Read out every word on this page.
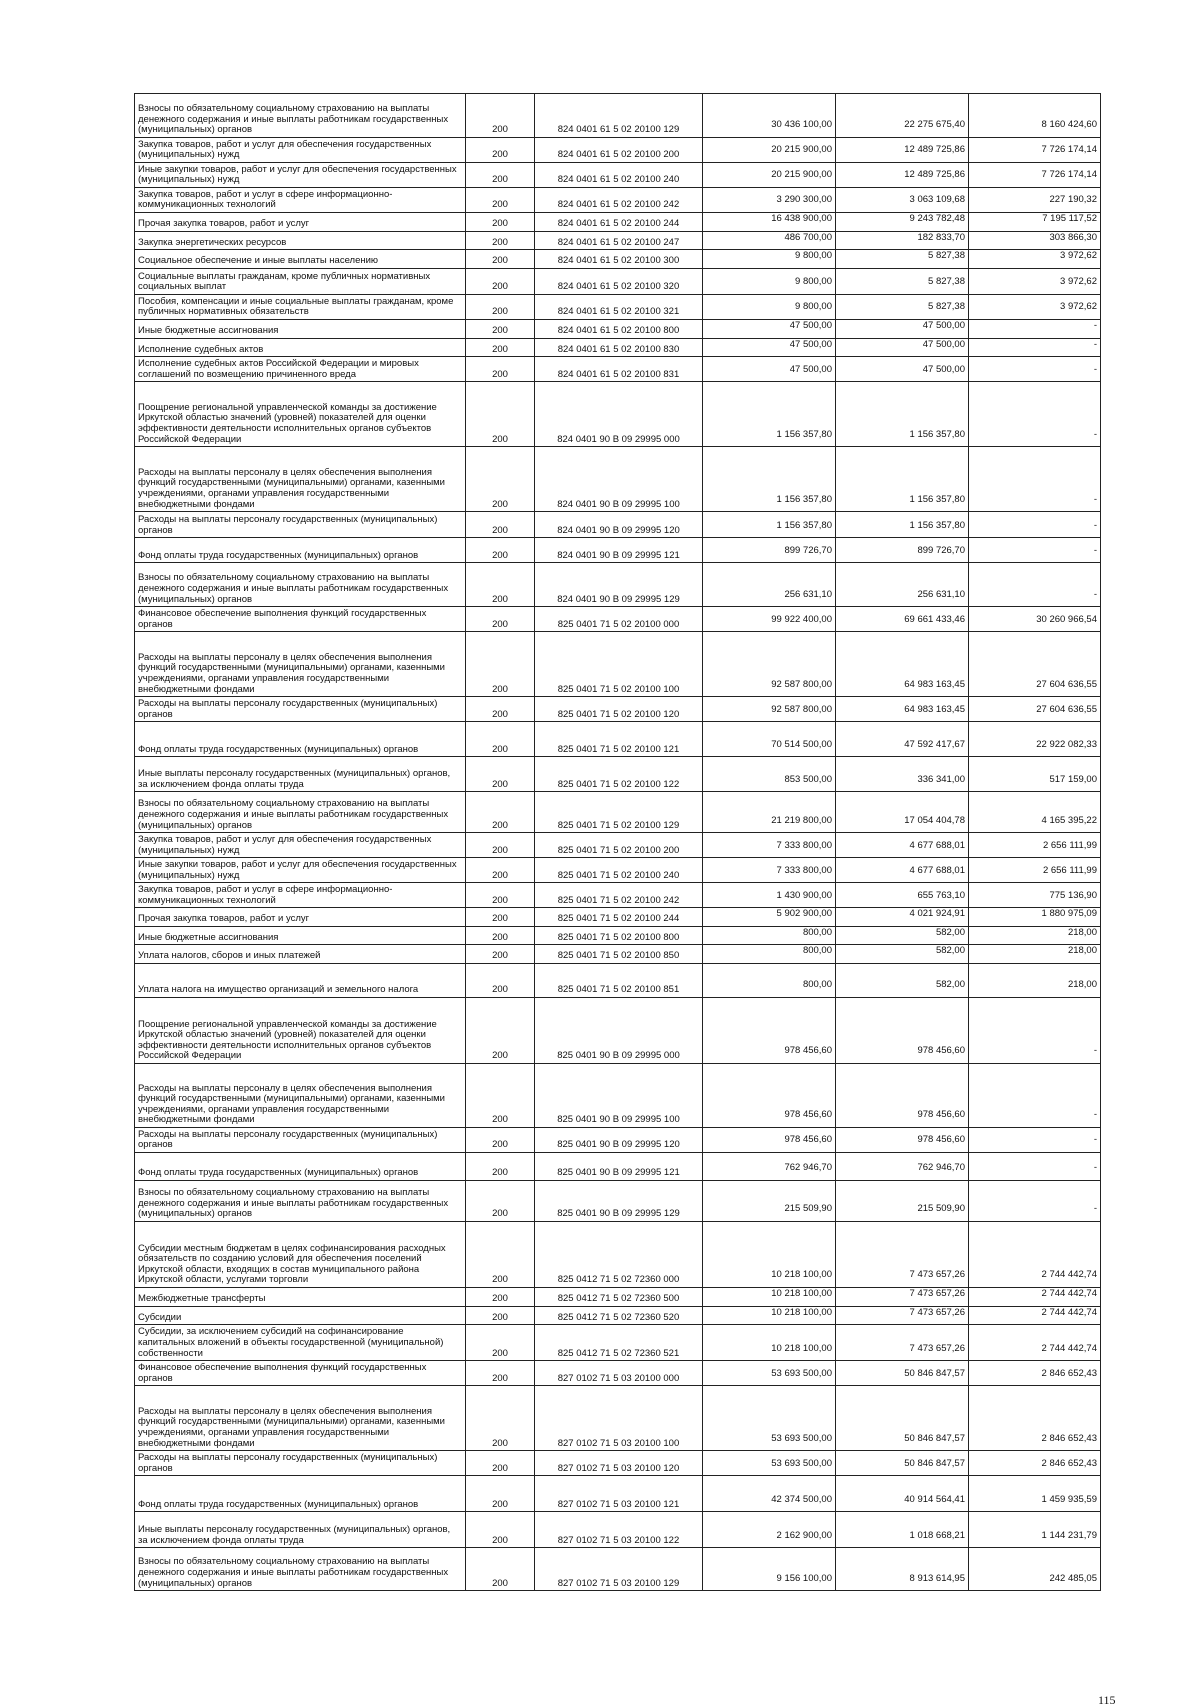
Взносы по обязательному социальному страхованию на выплаты денежного содержания и иные выплаты работникам государственных (муниципальных) органов	200	824 0401 61 5 02 20100 129	30 436 100,00	22 275 675,40	8 160 424,60
Закупка товаров, работ и услуг для обеспечения государственных (муниципальных) нужд	200	824 0401 61 5 02 20100 200	20 215 900,00	12 489 725,86	7 726 174,14
Иные закупки товаров, работ и услуг для обеспечения государственных (муниципальных) нужд	200	824 0401 61 5 02 20100 240	20 215 900,00	12 489 725,86	7 726 174,14
Закупка товаров, работ и услуг в сфере информационно-коммуникационных технологий	200	824 0401 61 5 02 20100 242	3 290 300,00	3 063 109,68	227 190,32
Прочая закупка товаров, работ и услуг	200	824 0401 61 5 02 20100 244	16 438 900,00	9 243 782,48	7 195 117,52
Закупка энергетических ресурсов	200	824 0401 61 5 02 20100 247	486 700,00	182 833,70	303 866,30
Социальное обеспечение и иные выплаты населению	200	824 0401 61 5 02 20100 300	9 800,00	5 827,38	3 972,62
Социальные выплаты гражданам, кроме публичных нормативных социальных выплат	200	824 0401 61 5 02 20100 320	9 800,00	5 827,38	3 972,62
Пособия, компенсации и иные социальные выплаты гражданам, кроме публичных нормативных обязательств	200	824 0401 61 5 02 20100 321	9 800,00	5 827,38	3 972,62
Иные бюджетные ассигнования	200	824 0401 61 5 02 20100 800	47 500,00	47 500,00	-
Исполнение судебных актов	200	824 0401 61 5 02 20100 830	47 500,00	47 500,00	-
Исполнение судебных актов Российской Федерации и мировых соглашений по возмещению причиненного вреда	200	824 0401 61 5 02 20100 831	47 500,00	47 500,00	-
Поощрение региональной управленческой команды за достижение Иркутской областью значений (уровней) показателей для оценки эффективности деятельности исполнительных органов субъектов Российской Федерации	200	824 0401 90 В 09 29995 000	1 156 357,80	1 156 357,80	-
Расходы на выплаты персоналу в целях обеспечения выполнения функций государственными (муниципальными) органами, казенными учреждениями, органами управления государственными внебюджетными фондами	200	824 0401 90 В 09 29995 100	1 156 357,80	1 156 357,80	-
Расходы на выплаты персоналу государственных (муниципальных) органов	200	824 0401 90 В 09 29995 120	1 156 357,80	1 156 357,80	-
Фонд оплаты труда государственных (муниципальных) органов	200	824 0401 90 В 09 29995 121	899 726,70	899 726,70	-
Взносы по обязательному социальному страхованию на выплаты денежного содержания и иные выплаты работникам государственных (муниципальных) органов	200	824 0401 90 В 09 29995 129	256 631,10	256 631,10	-
Финансовое обеспечение выполнения функций государственных органов	200	825 0401 71 5 02 20100 000	99 922 400,00	69 661 433,46	30 260 966,54
Расходы на выплаты персоналу в целях обеспечения выполнения функций государственными (муниципальными) органами, казенными учреждениями, органами управления государственными внебюджетными фондами	200	825 0401 71 5 02 20100 100	92 587 800,00	64 983 163,45	27 604 636,55
Расходы на выплаты персоналу государственных (муниципальных) органов	200	825 0401 71 5 02 20100 120	92 587 800,00	64 983 163,45	27 604 636,55
Фонд оплаты труда государственных (муниципальных) органов	200	825 0401 71 5 02 20100 121	70 514 500,00	47 592 417,67	22 922 082,33
Иные выплаты персоналу государственных (муниципальных) органов, за исключением фонда оплаты труда	200	825 0401 71 5 02 20100 122	853 500,00	336 341,00	517 159,00
Взносы по обязательному социальному страхованию на выплаты денежного содержания и иные выплаты работникам государственных (муниципальных) органов	200	825 0401 71 5 02 20100 129	21 219 800,00	17 054 404,78	4 165 395,22
Закупка товаров, работ и услуг для обеспечения государственных (муниципальных) нужд	200	825 0401 71 5 02 20100 200	7 333 800,00	4 677 688,01	2 656 111,99
Иные закупки товаров, работ и услуг для обеспечения государственных (муниципальных) нужд	200	825 0401 71 5 02 20100 240	7 333 800,00	4 677 688,01	2 656 111,99
Закупка товаров, работ и услуг в сфере информационно-коммуникационных технологий	200	825 0401 71 5 02 20100 242	1 430 900,00	655 763,10	775 136,90
Прочая закупка товаров, работ и услуг	200	825 0401 71 5 02 20100 244	5 902 900,00	4 021 924,91	1 880 975,09
Иные бюджетные ассигнования	200	825 0401 71 5 02 20100 800	800,00	582,00	218,00
Уплата налогов, сборов и иных платежей	200	825 0401 71 5 02 20100 850	800,00	582,00	218,00
Уплата налога на имущество организаций и земельного налога	200	825 0401 71 5 02 20100 851	800,00	582,00	218,00
Поощрение региональной управленческой команды за достижение Иркутской областью значений (уровней) показателей для оценки эффективности деятельности исполнительных органов субъектов Российской Федерации	200	825 0401 90 В 09 29995 000	978 456,60	978 456,60	-
Расходы на выплаты персоналу в целях обеспечения выполнения функций государственными (муниципальными) органами, казенными учреждениями, органами управления государственными внебюджетными фондами	200	825 0401 90 В 09 29995 100	978 456,60	978 456,60	-
Расходы на выплаты персоналу государственных (муниципальных) органов	200	825 0401 90 В 09 29995 120	978 456,60	978 456,60	-
Фонд оплаты труда государственных (муниципальных) органов	200	825 0401 90 В 09 29995 121	762 946,70	762 946,70	-
Взносы по обязательному социальному страхованию на выплаты денежного содержания и иные выплаты работникам государственных (муниципальных) органов	200	825 0401 90 В 09 29995 129	215 509,90	215 509,90	-
Субсидии местным бюджетам в целях софинансирования расходных обязательств по созданию условий для обеспечения поселений Иркутской области, входящих в состав муниципального района Иркутской области, услугами торговли	200	825 0412 71 5 02 72360 000	10 218 100,00	7 473 657,26	2 744 442,74
Межбюджетные трансферты	200	825 0412 71 5 02 72360 500	10 218 100,00	7 473 657,26	2 744 442,74
Субсидии	200	825 0412 71 5 02 72360 520	10 218 100,00	7 473 657,26	2 744 442,74
Субсидии, за исключением субсидий на софинансирование капитальных вложений в объекты государственной (муниципальной) собственности	200	825 0412 71 5 02 72360 521	10 218 100,00	7 473 657,26	2 744 442,74
Финансовое обеспечение выполнения функций государственных органов	200	827 0102 71 5 03 20100 000	53 693 500,00	50 846 847,57	2 846 652,43
Расходы на выплаты персоналу в целях обеспечения выполнения функций государственными (муниципальными) органами, казенными учреждениями, органами управления государственными внебюджетными фондами	200	827 0102 71 5 03 20100 100	53 693 500,00	50 846 847,57	2 846 652,43
Расходы на выплаты персоналу государственных (муниципальных) органов	200	827 0102 71 5 03 20100 120	53 693 500,00	50 846 847,57	2 846 652,43
Фонд оплаты труда государственных (муниципальных) органов	200	827 0102 71 5 03 20100 121	42 374 500,00	40 914 564,41	1 459 935,59
Иные выплаты персоналу государственных (муниципальных) органов, за исключением фонда оплаты труда	200	827 0102 71 5 03 20100 122	2 162 900,00	1 018 668,21	1 144 231,79
Взносы по обязательному социальному страхованию на выплаты денежного содержания и иные выплаты работникам государственных (муниципальных) органов	200	827 0102 71 5 03 20100 129	9 156 100,00	8 913 614,95	242 485,05
115
